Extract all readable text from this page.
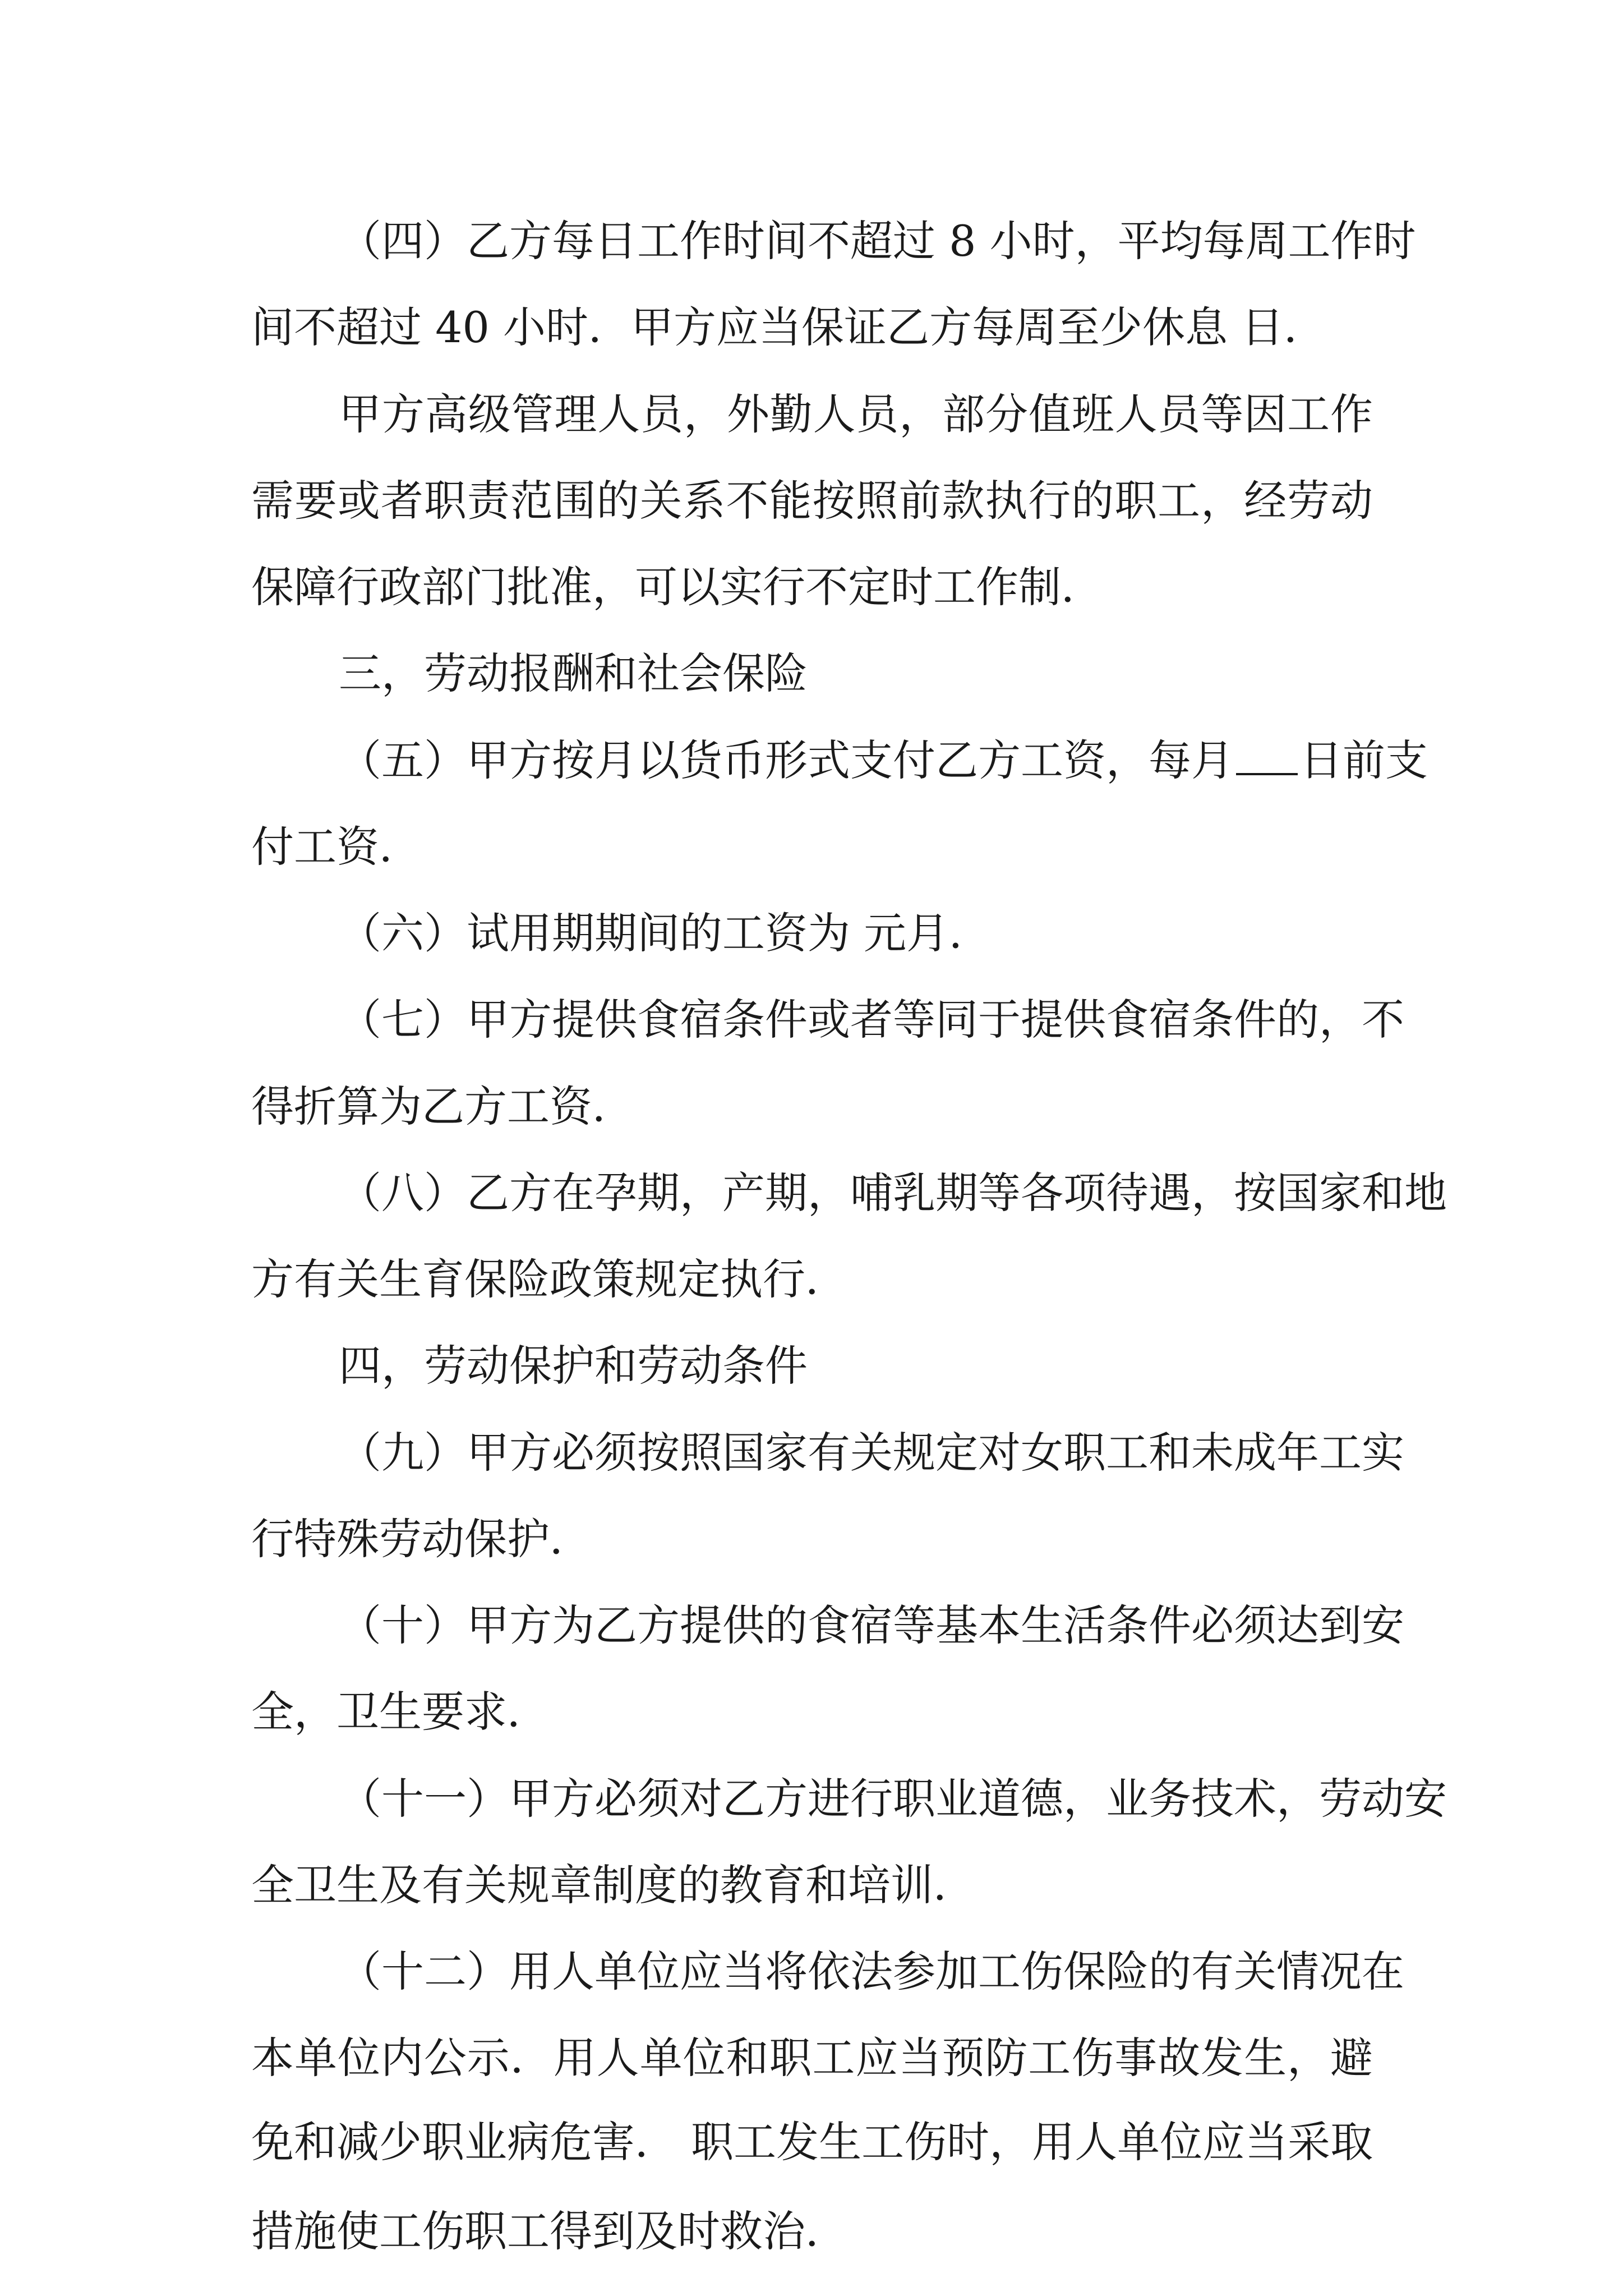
（四）乙方每日工作时间不超过 8 小时，平均每周工作时
间不超过 40 小时．甲方应当保证乙方每周至少休息 日．
甲方高级管理人员，外勤人员，部分值班人员等因工作
需要或者职责范围的关系不能按照前款执行的职工，经劳动
保障行政部门批准，可以实行不定时工作制．
三，劳动报酬和社会保险
（五）甲方按月以货币形式支付乙方工资，每月 日前支
付工资．
（六）试用期期间的工资为 元月．
（七）甲方提供食宿条件或者等同于提供食宿条件的，不
得折算为乙方工资．
（八）乙方在孕期，产期，哺乳期等各项待遇，按国家和地
方有关生育保险政策规定执行．
四，劳动保护和劳动条件
（九）甲方必须按照国家有关规定对女职工和未成年工实
行特殊劳动保护．
（十）甲方为乙方提供的食宿等基本生活条件必须达到安
全，卫生要求．
（十一）甲方必须对乙方进行职业道德，业务技术，劳动安
全卫生及有关规章制度的教育和培训．
（十二）用人单位应当将依法参加工伤保险的有关情况在
本单位内公示．用人单位和职工应当预防工伤事故发生，避
免和减少职业病危害． 职工发生工伤时，用人单位应当采取
措施使工伤职工得到及时救治．
